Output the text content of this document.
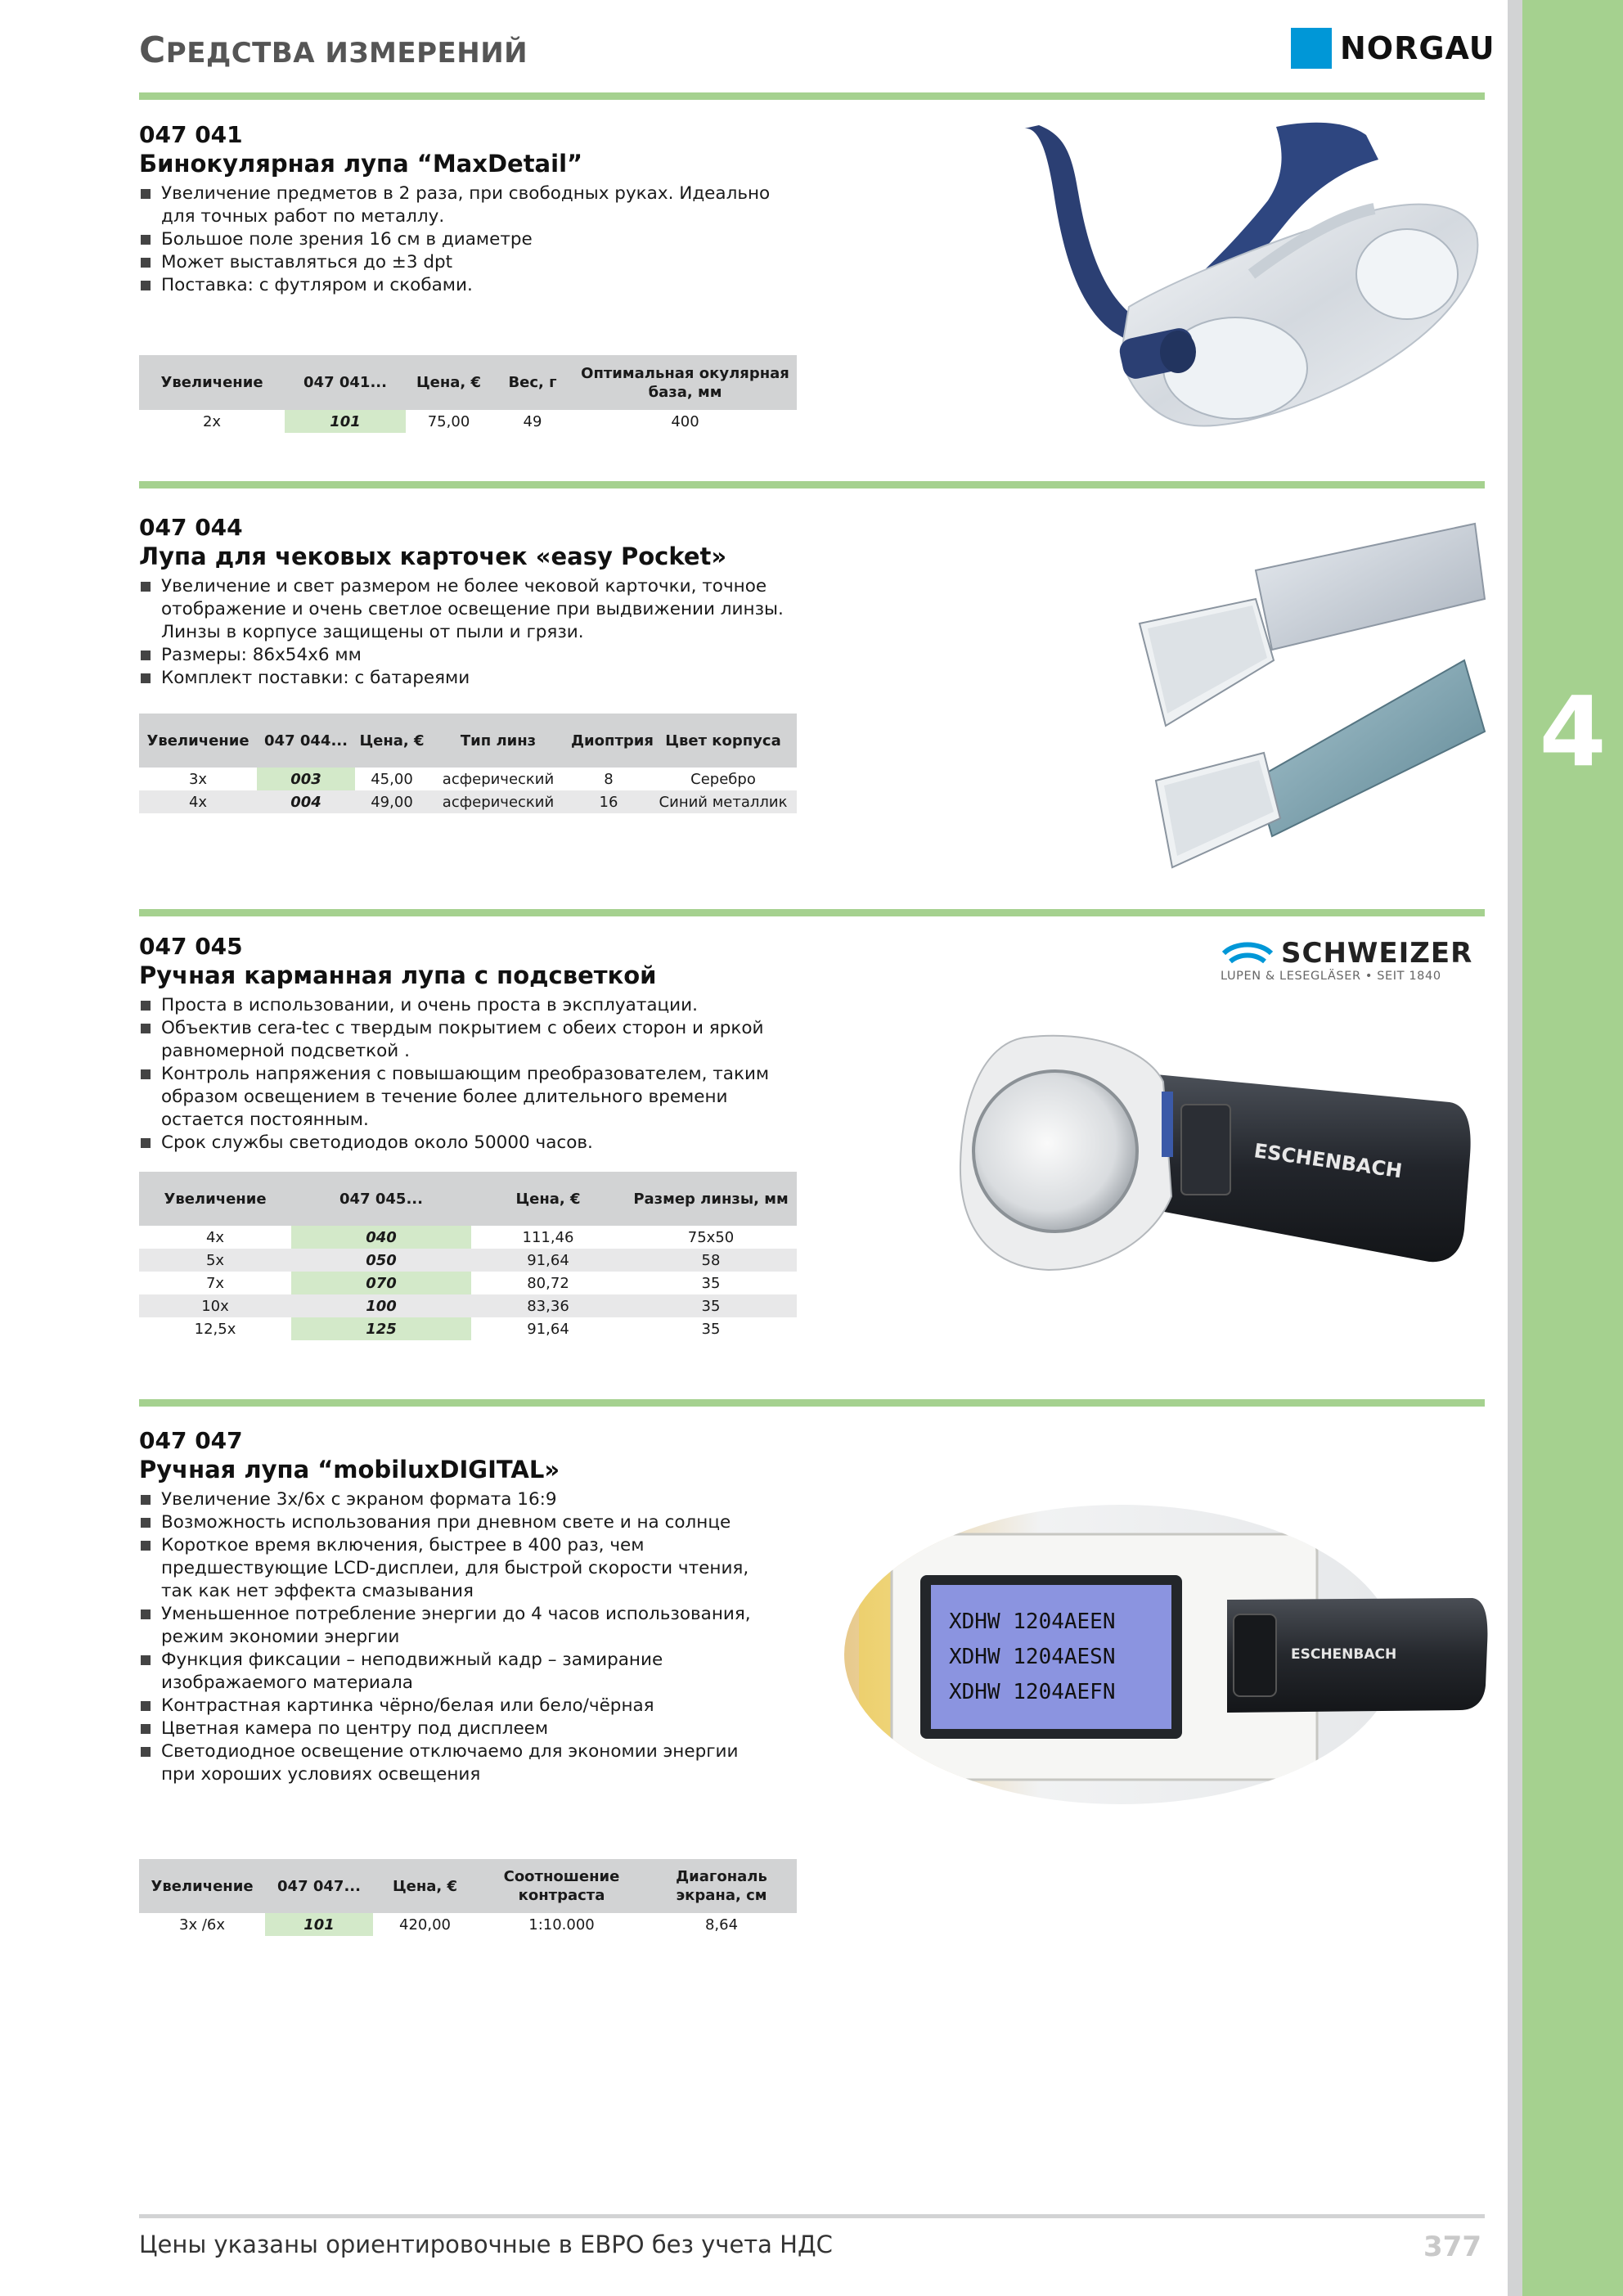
4
СРЕДСТВА ИЗМЕРЕНИЙ	NORGAU
047 041
Бинокулярная лупа “MaxDetail”
Увеличение предметов в 2 раза, при свободных руках. Идеально для точных работ по металлу.
Большое поле зрения 16 см в диаметре
Может выставляться до ±3 dpt
Поставка: с футляром и скобами.
Увеличение	047 041...	Цена, €	Вес, г	Оптимальная окулярная база, мм
2x	101	75,00	49	400
047 044
Лупа для чековых карточек «easy Pocket»
Увеличение и свет размером не более чековой карточки, точное отображение и очень светлое освещение при выдвижении линзы. Линзы в корпусе защищены от пыли и грязи.
Размеры: 86x54x6 мм
Комплект поставки: с батареями
Увеличение	047 044...	Цена, €	Тип линз	Диоптрия	Цвет корпуса
3x	003	45,00	асферический	8	Серебро
4x	004	49,00	асферический	16	Синий металлик
047 045
Ручная карманная лупа с подсветкой
Проста в использовании, и очень проста в эксплуатации.
Объектив cera-tec с твердым покрытием с обеих сторон и яркой равномерной подсветкой .
Контроль напряжения с повышающим преобразователем, таким образом освещением в течение более длительного времени остается постоянным.
Срок службы светодиодов около 50000 часов.
SCHWEIZER
LUPEN & LESEGLÄSER • SEIT 1840
Увеличение	047 045...	Цена, €	Размер линзы, мм
4x	040	111,46	75x50
5x	050	91,64	58
7x	070	80,72	35
10x	100	83,36	35
12,5x	125	91,64	35
ESCHENBACH
047 047
Ручная лупа “mobiluxDIGITAL»
Увеличение 3x/6x с экраном формата 16:9
Возможность использования при дневном свете и на солнце
Короткое время включения, быстрее в 400 раз, чем предшествующие LCD-дисплеи, для быстрой скорости чтения, так как нет эффекта смазывания
Уменьшенное потребление энергии до 4 часов использования, режим экономии энергии
Функция фиксации – неподвижный кадр – замирание изображаемого материала
Контрастная картинка чёрно/белая или бело/чёрная
Цветная камера по центру под дисплеем
Светодиодное освещение отключаемо для экономии энергии при хороших условиях освещения
XDHW 1204AEEN
XDHW 1204AESN
XDHW 1204AEFN
ESCHENBACH
Увеличение	047 047...	Цена, €	Соотношение контраста	Диагональ экрана, см
3x /6x	101	420,00	1:10.000	8,64
Цены указаны ориентировочные в ЕВРО без учета НДС	377
